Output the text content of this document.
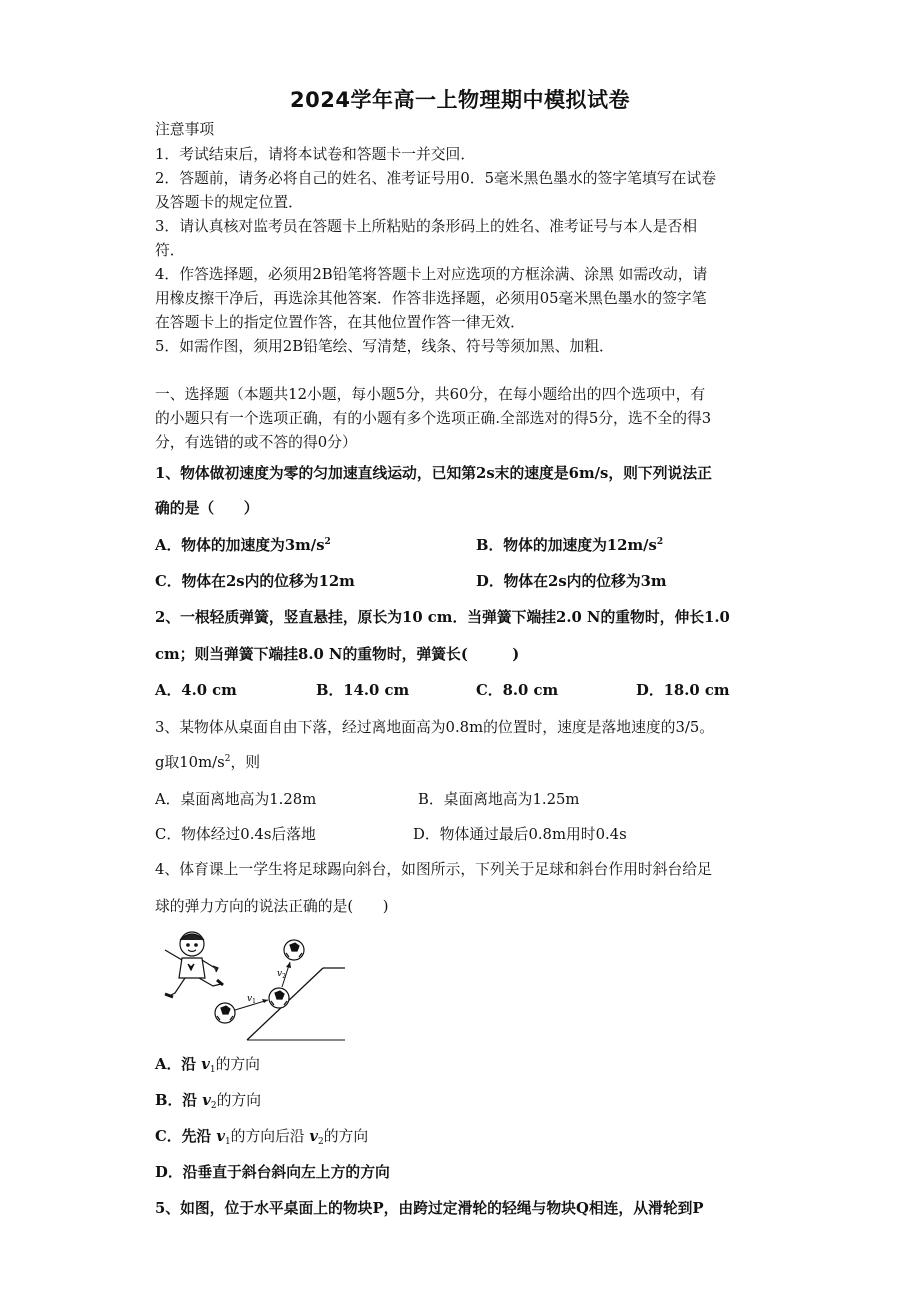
2024学年高一上物理期中模拟试卷
注意事项
1．考试结束后，请将本试卷和答题卡一并交回．
2．答题前，请务必将自己的姓名、准考证号用0．5毫米黑色墨水的签字笔填写在试卷
及答题卡的规定位置．
3．请认真核对监考员在答题卡上所粘贴的条形码上的姓名、准考证号与本人是否相
符．
4．作答选择题，必须用2B铅笔将答题卡上对应选项的方框涂满、涂黑 如需改动，请
用橡皮擦干净后，再选涂其他答案．作答非选择题，必须用05毫米黑色墨水的签字笔
在答题卡上的指定位置作答，在其他位置作答一律无效．
5．如需作图，须用2B铅笔绘、写清楚，线条、符号等须加黑、加粗．
一、选择题（本题共12小题，每小题5分，共60分，在每小题给出的四个选项中，有
的小题只有一个选项正确，有的小题有多个选项正确.全部选对的得5分，选不全的得3
分，有选错的或不答的得0分）
1、物体做初速度为零的匀加速直线运动，已知第2s末的速度是6m/s，则下列说法正
确的是（　　）
A．物体的加速度为$3m/s^2$	B．物体的加速度为$12m/s^2$
C．物体在2s内的位移为12m	D．物体在2s内的位移为3m
2、一根轻质弹簧，竖直悬挂，原长为10 cm．当弹簧下端挂2.0 N的重物时，伸长1.0
cm；则当弹簧下端挂8.0 N的重物时，弹簧长(　　　)
A．4.0 cm	B．14.0 cm	C．8.0 cm	D．18.0 cm
3、某物体从桌面自由下落，经过离地面高为0.8m的位置时，速度是落地速度的3/5。
g取$10m/s^2$，则
A．桌面离地高为1.28m	B．桌面离地高为1.25m
C．物体经过0.4s后落地	D．物体通过最后0.8m用时0.4s
4、体育课上一学生将足球踢向斜台，如图所示，下列关于足球和斜台作用时斜台给足
球的弹力方向的说法正确的是(　　)
$v_1$
$v_2$
A．沿 $v_1$的方向
B．沿 $v_2$的方向
C．先沿 $v_1$的方向后沿 $v_2$的方向
D．沿垂直于斜台斜向左上方的方向
5、如图，位于水平桌面上的物块P，由跨过定滑轮的轻绳与物块Q相连，从滑轮到P
